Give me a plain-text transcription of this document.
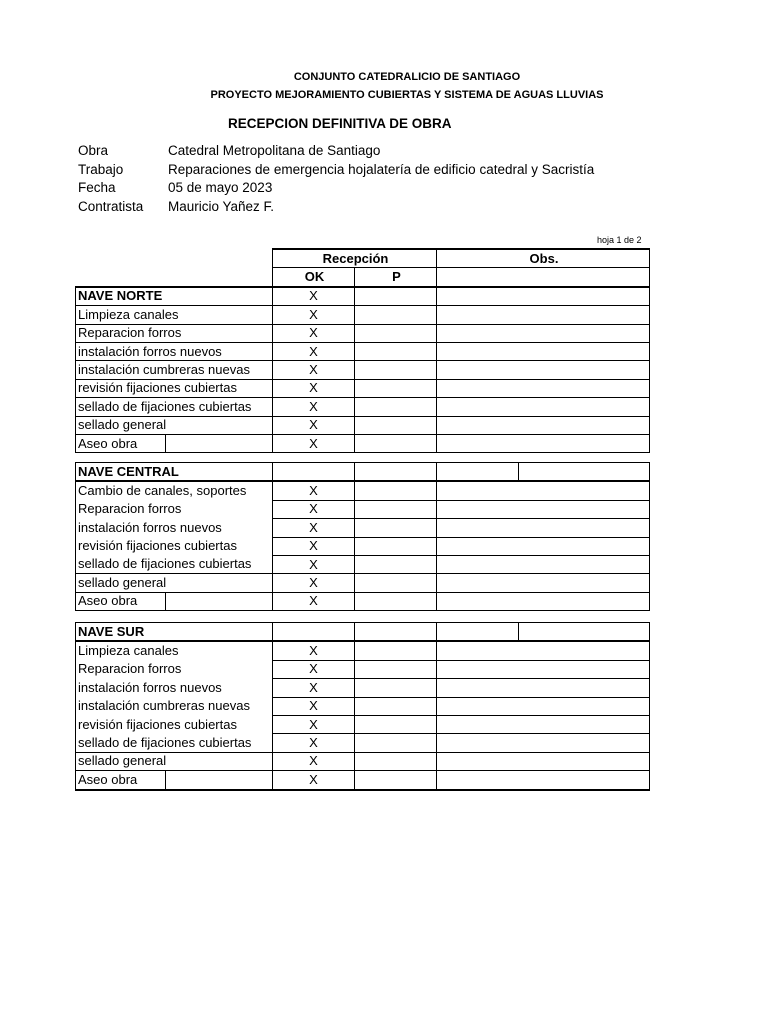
CONJUNTO CATEDRALICIO DE SANTIAGO
PROYECTO MEJORAMIENTO CUBIERTAS Y SISTEMA DE AGUAS LLUVIAS
RECEPCION DEFINITIVA DE OBRA
Obra	Catedral Metropolitana de Santiago
Trabajo	Reparaciones de emergencia hojalatería de edificio catedral y Sacristía
Fecha	05 de mayo 2023
Contratista	Mauricio Yañez F.
hoja 1 de 2
		Recepción		Obs.
		OK	P	
NAVE NORTE		X		
Limpieza canales		X		
Reparacion forros		X		
instalación forros nuevos		X		
instalación cumbreras nuevas		X		
revisión fijaciones cubiertas		X		
sellado de fijaciones cubiertas		X		
sellado general		X		
Aseo obra		X		
NAVE CENTRAL					
Cambio de canales, soportes		X			
Reparacion forros		X			
instalación forros nuevos		X			
revisión fijaciones cubiertas		X			
sellado de fijaciones cubiertas		X			
sellado general		X			
Aseo obra		X			
NAVE SUR					
Limpieza canales		X			
Reparacion forros		X			
instalación forros nuevos		X			
instalación cumbreras nuevas		X			
revisión fijaciones cubiertas		X			
sellado de fijaciones cubiertas		X			
sellado general		X			
Aseo obra		X			
